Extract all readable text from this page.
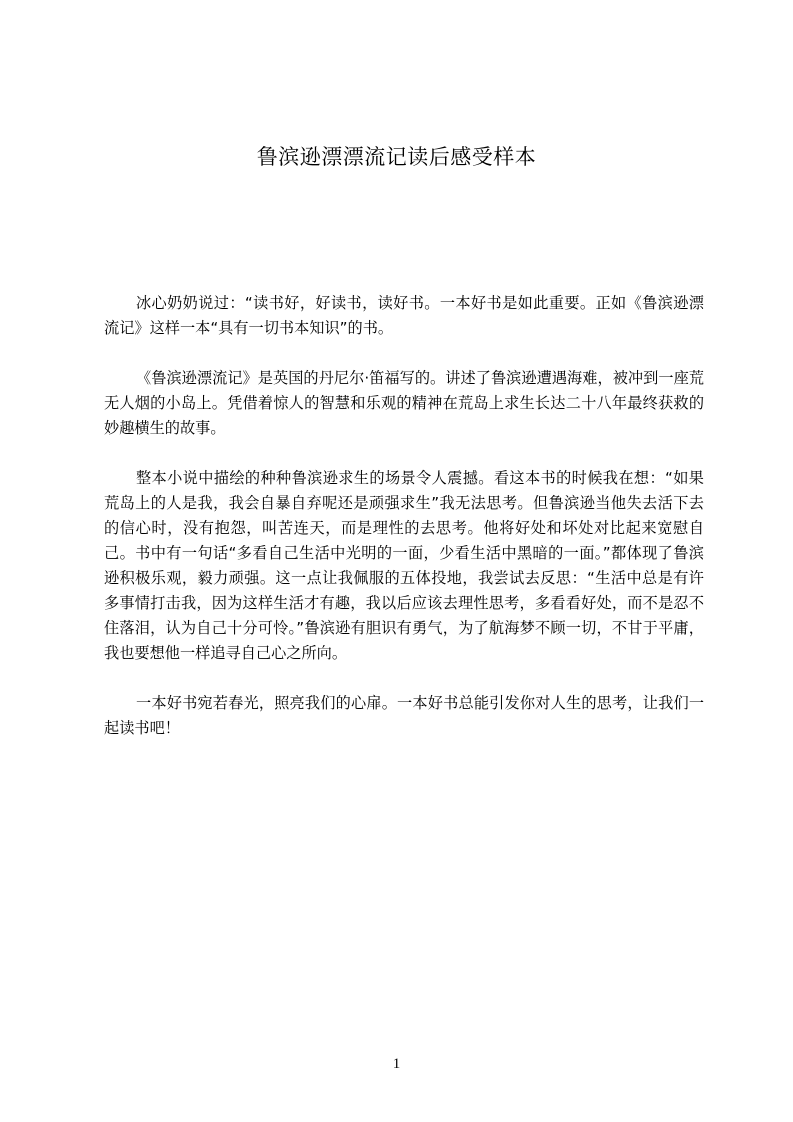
鲁滨逊漂漂流记读后感受样本

冰心奶奶说过：“读书好，好读书，读好书。一本好书是如此重要。正如《鲁滨逊漂流记》这样一本“具有一切书本知识”的书。

《鲁滨逊漂流记》是英国的丹尼尔·笛福写的。讲述了鲁滨逊遭遇海难，被冲到一座荒无人烟的小岛上。凭借着惊人的智慧和乐观的精神在荒岛上求生长达二十八年最终获救的妙趣横生的故事。

整本小说中描绘的种种鲁滨逊求生的场景令人震撼。看这本书的时候我在想：“如果荒岛上的人是我，我会自暴自弃呢还是顽强求生”我无法思考。但鲁滨逊当他失去活下去的信心时，没有抱怨，叫苦连天，而是理性的去思考。他将好处和坏处对比起来宽慰自己。书中有一句话“多看自己生活中光明的一面，少看生活中黑暗的一面。”都体现了鲁滨逊积极乐观，毅力顽强。这一点让我佩服的五体投地，我尝试去反思：“生活中总是有许多事情打击我，因为这样生活才有趣，我以后应该去理性思考，多看看好处，而不是忍不住落泪，认为自己十分可怜。”鲁滨逊有胆识有勇气，为了航海梦不顾一切，不甘于平庸，我也要想他一样追寻自己心之所向。

一本好书宛若春光，照亮我们的心扉。一本好书总能引发你对人生的思考，让我们一起读书吧！

1
